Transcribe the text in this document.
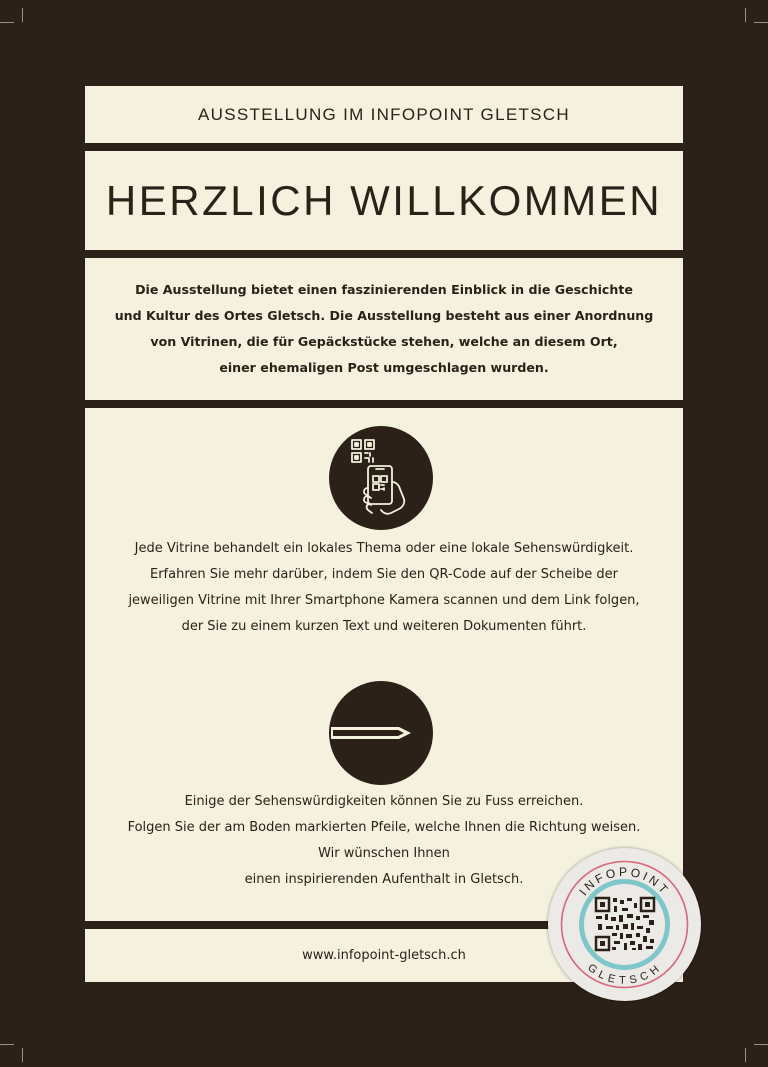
AUSSTELLUNG IM INFOPOINT GLETSCH
HERZLICH WILLKOMMEN

Die Ausstellung bietet einen faszinierenden Einblick in die Geschichte
und Kultur des Ortes Gletsch. Die Ausstellung besteht aus einer Anordnung
von Vitrinen, die für Gepäckstücke stehen, welche an diesem Ort,
einer ehemaligen Post umgeschlagen wurden.

Jede Vitrine behandelt ein lokales Thema oder eine lokale Sehenswürdigkeit.
Erfahren Sie mehr darüber, indem Sie den QR-Code auf der Scheibe der
jeweiligen Vitrine mit Ihrer Smartphone Kamera scannen und dem Link folgen,
der Sie zu einem kurzen Text und weiteren Dokumenten führt.

Einige der Sehenswürdigkeiten können Sie zu Fuss erreichen.
Folgen Sie der am Boden markierten Pfeile, welche Ihnen die Richtung weisen.
Wir wünschen Ihnen
einen inspirierenden Aufenthalt in Gletsch.

www.infopoint-gletsch.ch
INFOPOINT
GLETSCH
